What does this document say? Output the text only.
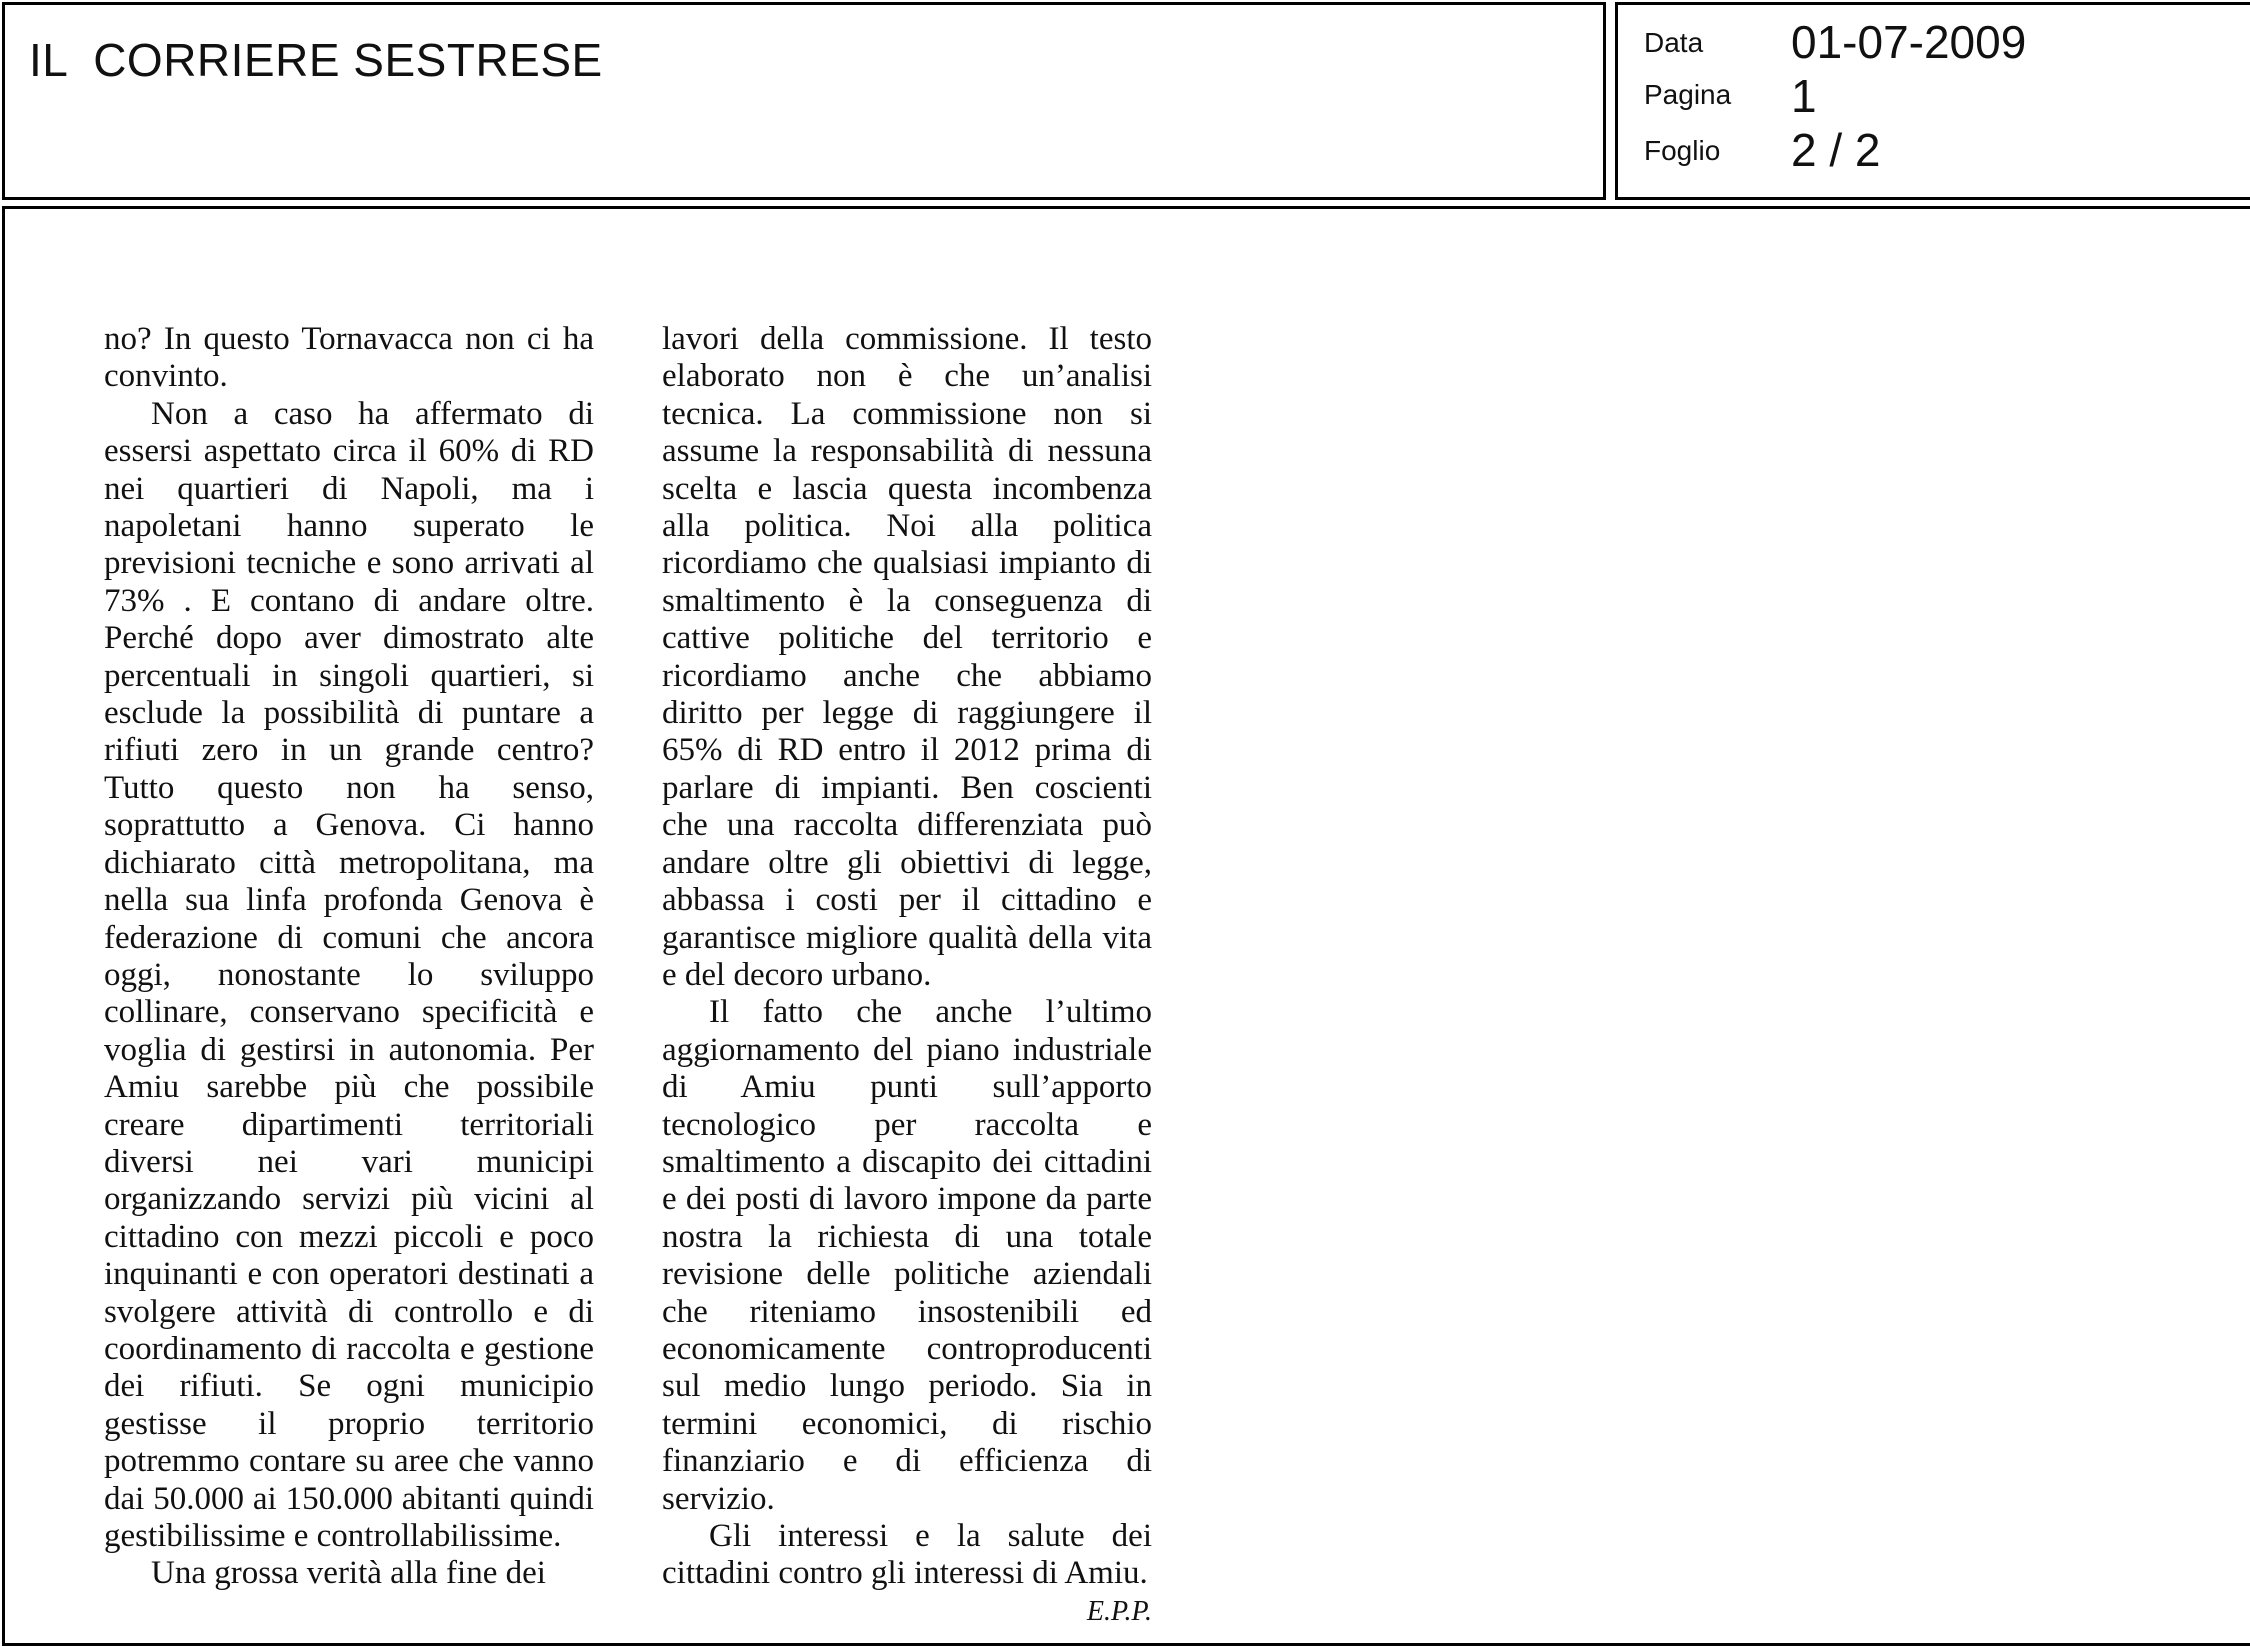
IL  CORRIERE SESTRESE	Data 01-07-2009
Pagina 1
Foglio 2 / 2

no? In questo Tornavacca non ci ha convinto.

Non a caso ha affermato di essersi aspettato circa il 60% di RD nei quartieri di Napoli, ma i napoletani hanno superato le previsioni tecniche e sono arrivati al 73% . E contano di andare oltre. Perché dopo aver dimostrato alte percentuali in singoli quartieri, si esclude la possibilità di puntare a rifiuti zero in un grande centro? Tutto questo non ha senso, soprattutto a Genova. Ci hanno dichiarato città metropolitana, ma nella sua linfa profonda Genova è federazione di comuni che ancora oggi, nonostante lo sviluppo collinare, conservano specificità e voglia di gestirsi in autonomia. Per Amiu sarebbe più che possibile creare dipartimenti territoriali diversi nei vari municipi organizzando servizi più vicini al cittadino con mezzi piccoli e poco inquinanti e con operatori destinati a svolgere attività di controllo e di coordinamento di raccolta e gestione dei rifiuti. Se ogni municipio gestisse il proprio territorio potremmo contare su aree che vanno dai 50.000 ai 150.000 abitanti quindi gestibilissime e controllabilissime.

Una grossa verità alla fine dei

lavori della commissione. Il testo elaborato non è che un’analisi tecnica. La commissione non si assume la responsabilità di nessuna scelta e lascia questa incombenza alla politica. Noi alla politica ricordiamo che qualsiasi impianto di smaltimento è la conseguenza di cattive politiche del territorio e ricordiamo anche che abbiamo diritto per legge di raggiungere il 65% di RD entro il 2012 prima di parlare di impianti. Ben coscienti che una raccolta differenziata può andare oltre gli obiettivi di legge, abbassa i costi per il cittadino e garantisce migliore qualità della vita e del decoro urbano.

Il fatto che anche l’ultimo aggiornamento del piano industriale di Amiu punti sull’apporto tecnologico per raccolta e smaltimento a discapito dei cittadini e dei posti di lavoro impone da parte nostra la richiesta di una totale revisione delle politiche aziendali che riteniamo insostenibili ed economicamente controproducenti sul medio lungo periodo. Sia in termini economici, di rischio finanziario e di efficienza di servizio.

Gli interessi e la salute dei cittadini contro gli interessi di Amiu.

E.P.P.
